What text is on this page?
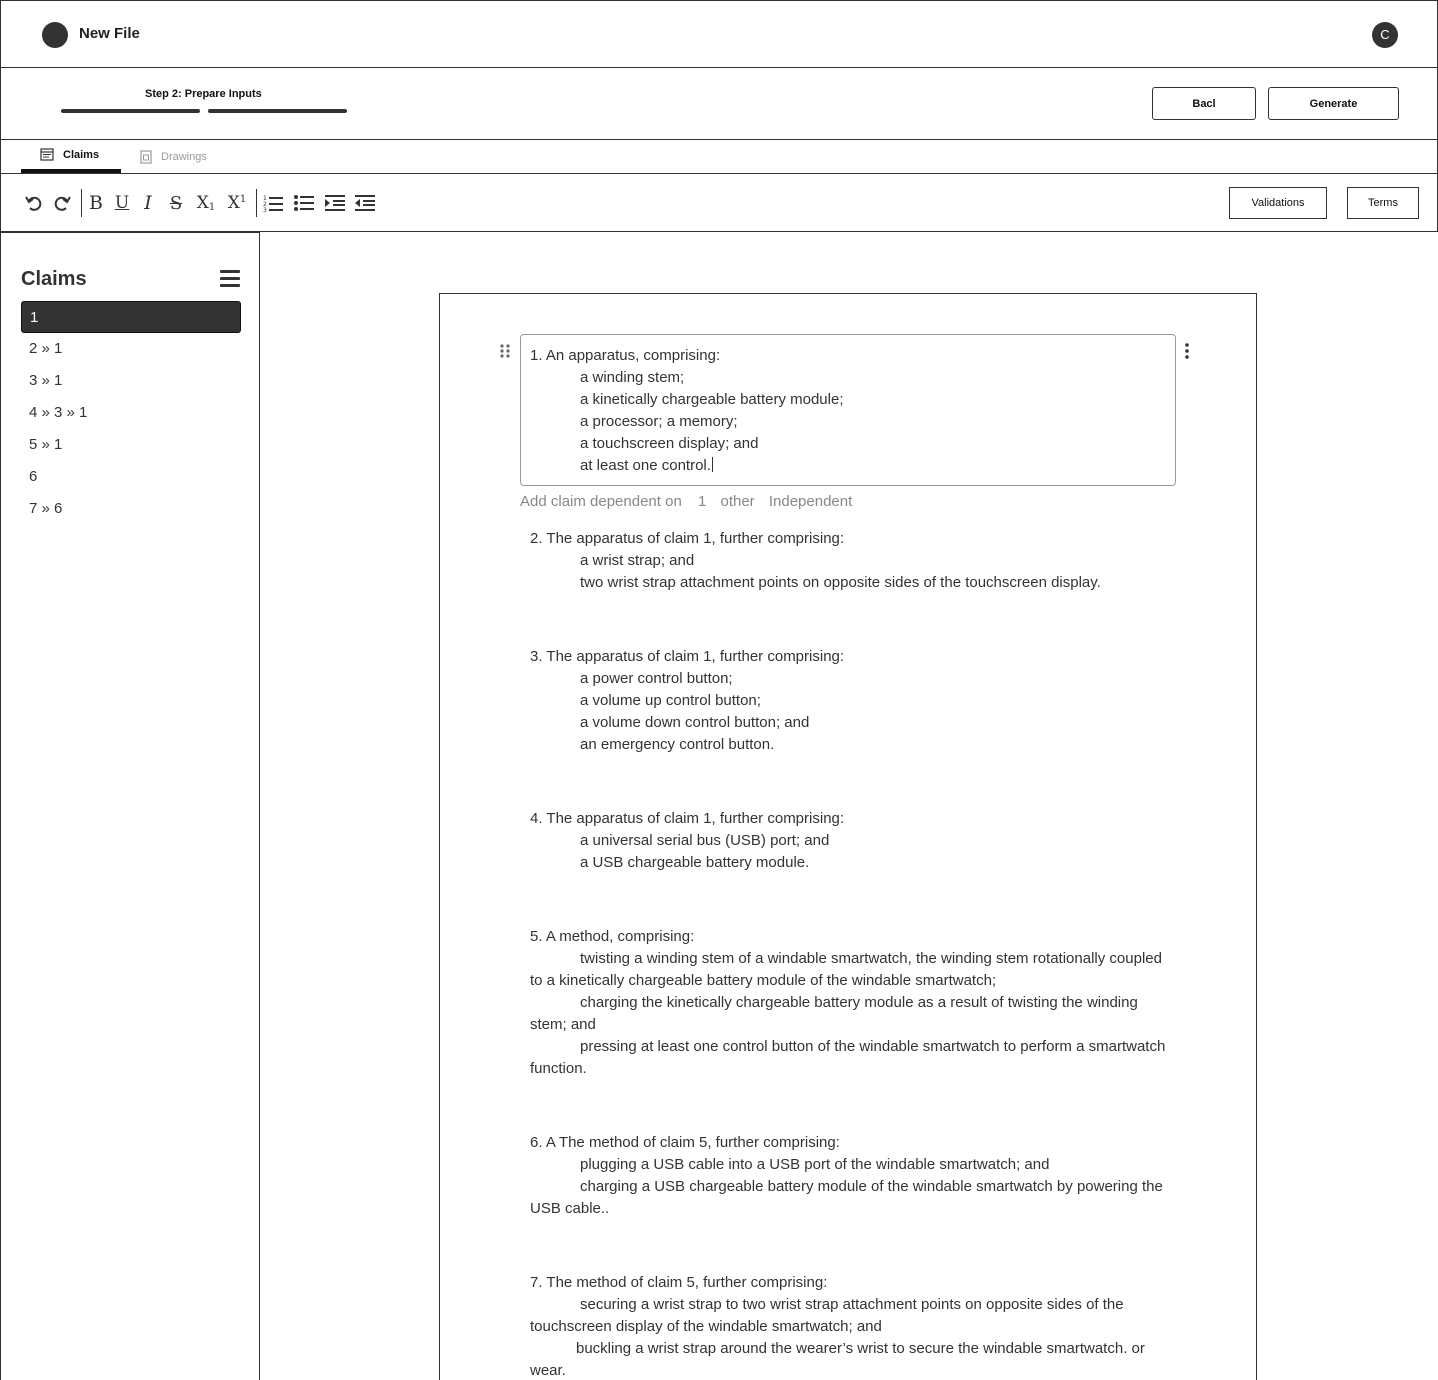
New File	C
Step 2: Prepare Inputs
Bacl	Generate
Claims	Drawings
B U I	S X 1 X 1	1
2
3
Validations	Terms
Claims
1
2 » 1
3 » 1
4 » 3 » 1
5 » 1
6
7 » 6
1. An apparatus, comprising:
a winding stem;
a kinetically chargeable battery module;
a processor; a memory;
a touchscreen display; and
at least one control.
Add claim dependent on 1 other Independent
2. The apparatus of claim 1, further comprising:
a wrist strap; and
two wrist strap attachment points on opposite sides of the touchscreen display.
3. The apparatus of claim 1, further comprising:
a power control button;
a volume up control button;
a volume down control button; and
an emergency control button.
4. The apparatus of claim 1, further comprising:
a universal serial bus (USB) port; and
a USB chargeable battery module.
5. A method, comprising:
twisting a winding stem of a windable smartwatch, the winding stem rotationally coupled to a kinetically chargeable battery module of the windable smartwatch;
charging the kinetically chargeable battery module as a result of twisting the winding stem; and
pressing at least one control button of the windable smartwatch to perform a smartwatch function.
6. A The method of claim 5, further comprising:
plugging a USB cable into a USB port of the windable smartwatch; and
charging a USB chargeable battery module of the windable smartwatch by powering the USB cable..
7. The method of claim 5, further comprising:
securing a wrist strap to two wrist strap attachment points on opposite sides of the touchscreen display of the windable smartwatch; and
buckling a wrist strap around the wearer’s wrist to secure the windable smartwatch. or wear.
